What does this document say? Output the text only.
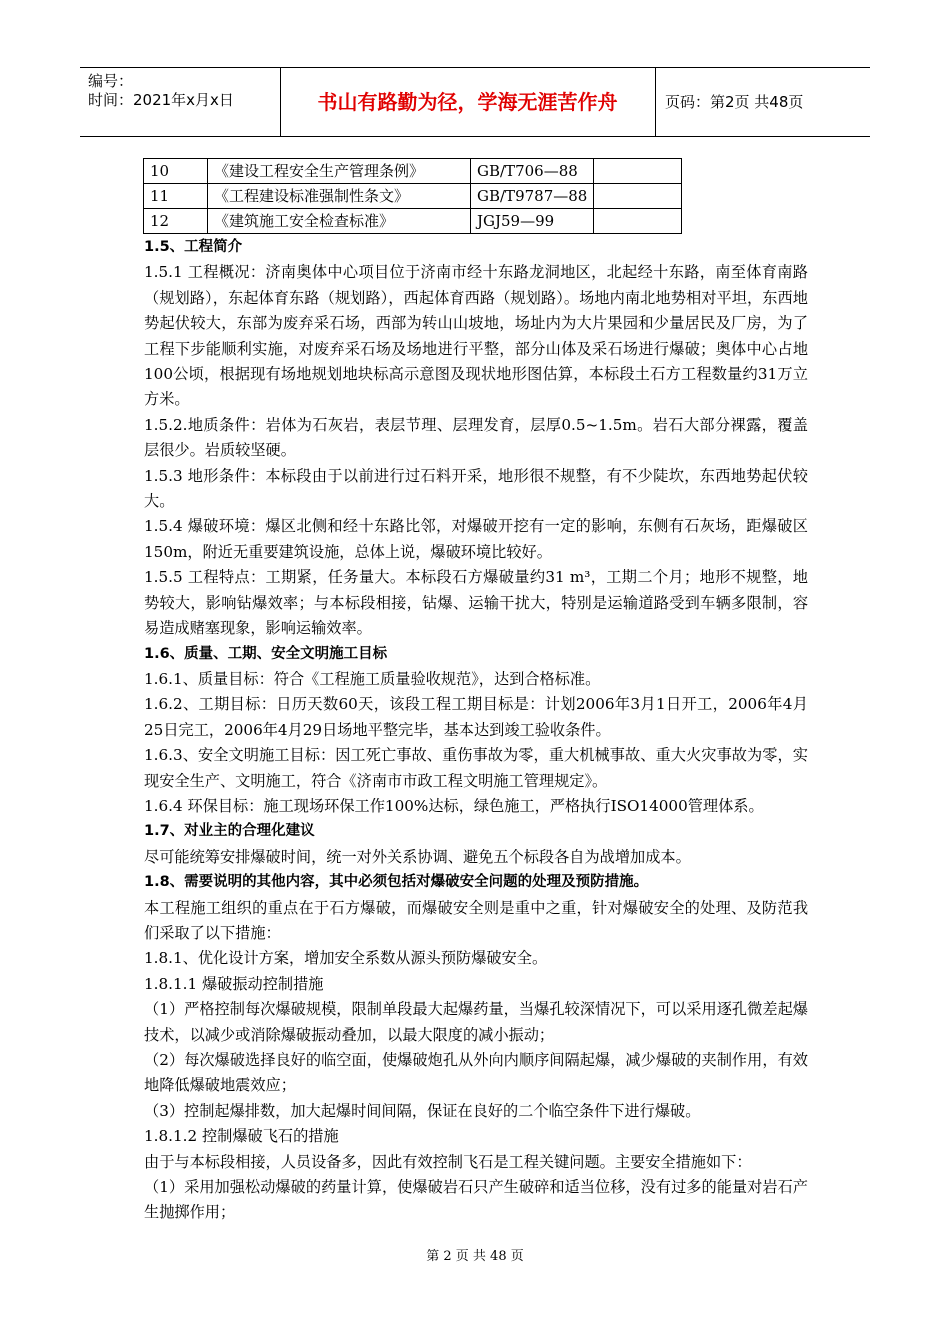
编号：
时间：2021年x月x日	书山有路勤为径，学海无涯苦作舟	页码：第2页 共48页
10	《建设工程安全生产管理条例》	GB/T706—88	
11	《工程建设标准强制性条文》	GB/T9787—88	
12	《建筑施工安全检查标准》	JGJ59—99	

1.5、工程简介

1.5.1 工程概况：济南奥体中心项目位于济南市经十东路龙洞地区，北起经十东路，南至体育南路（规划路），东起体育东路（规划路），西起体育西路（规划路）。场地内南北地势相对平坦，东西地势起伏较大，东部为废弃采石场，西部为转山山坡地，场址内为大片果园和少量居民及厂房，为了工程下步能顺利实施，对废弃采石场及场地进行平整，部分山体及采石场进行爆破；奥体中心占地100公顷，根据现有场地规划地块标高示意图及现状地形图估算，本标段土石方工程数量约31万立方米。

1.5.2.地质条件：岩体为石灰岩，表层节理、层理发育，层厚0.5~1.5m。岩石大部分裸露，覆盖层很少。岩质较坚硬。

1.5.3 地形条件：本标段由于以前进行过石料开采，地形很不规整，有不少陡坎，东西地势起伏较大。

1.5.4 爆破环境：爆区北侧和经十东路比邻，对爆破开挖有一定的影响，东侧有石灰场，距爆破区150m，附近无重要建筑设施，总体上说，爆破环境比较好。

1.5.5 工程特点：工期紧，任务量大。本标段石方爆破量约31 m³，工期二个月；地形不规整，地势较大，影响钻爆效率；与本标段相接，钻爆、运输干扰大，特别是运输道路受到车辆多限制，容易造成赌塞现象，影响运输效率。

1.6、质量、工期、安全文明施工目标

1.6.1、质量目标：符合《工程施工质量验收规范》，达到合格标准。

1.6.2、工期目标：日历天数60天，该段工程工期目标是：计划2006年3月1日开工，2006年4月25日完工，2006年4月29日场地平整完毕，基本达到竣工验收条件。

1.6.3、安全文明施工目标：因工死亡事故、重伤事故为零，重大机械事故、重大火灾事故为零，实现安全生产、文明施工，符合《济南市市政工程文明施工管理规定》。

1.6.4 环保目标：施工现场环保工作100%达标，绿色施工，严格执行ISO14000管理体系。

1.7、对业主的合理化建议

尽可能统筹安排爆破时间，统一对外关系协调、避免五个标段各自为战增加成本。

1.8、需要说明的其他内容，其中必须包括对爆破安全问题的处理及预防措施。

本工程施工组织的重点在于石方爆破，而爆破安全则是重中之重，针对爆破安全的处理、及防范我们采取了以下措施：

1.8.1、优化设计方案，增加安全系数从源头预防爆破安全。

1.8.1.1 爆破振动控制措施

（1）严格控制每次爆破规模，限制单段最大起爆药量，当爆孔较深情况下，可以采用逐孔微差起爆技术，以减少或消除爆破振动叠加，以最大限度的减小振动；

（2）每次爆破选择良好的临空面，使爆破炮孔从外向内顺序间隔起爆，减少爆破的夹制作用，有效地降低爆破地震效应；

（3）控制起爆排数，加大起爆时间间隔，保证在良好的二个临空条件下进行爆破。

1.8.1.2 控制爆破飞石的措施

由于与本标段相接，人员设备多，因此有效控制飞石是工程关键问题。主要安全措施如下：

（1）采用加强松动爆破的药量计算，使爆破岩石只产生破碎和适当位移，没有过多的能量对岩石产生抛掷作用；

第 2 页 共 48 页
